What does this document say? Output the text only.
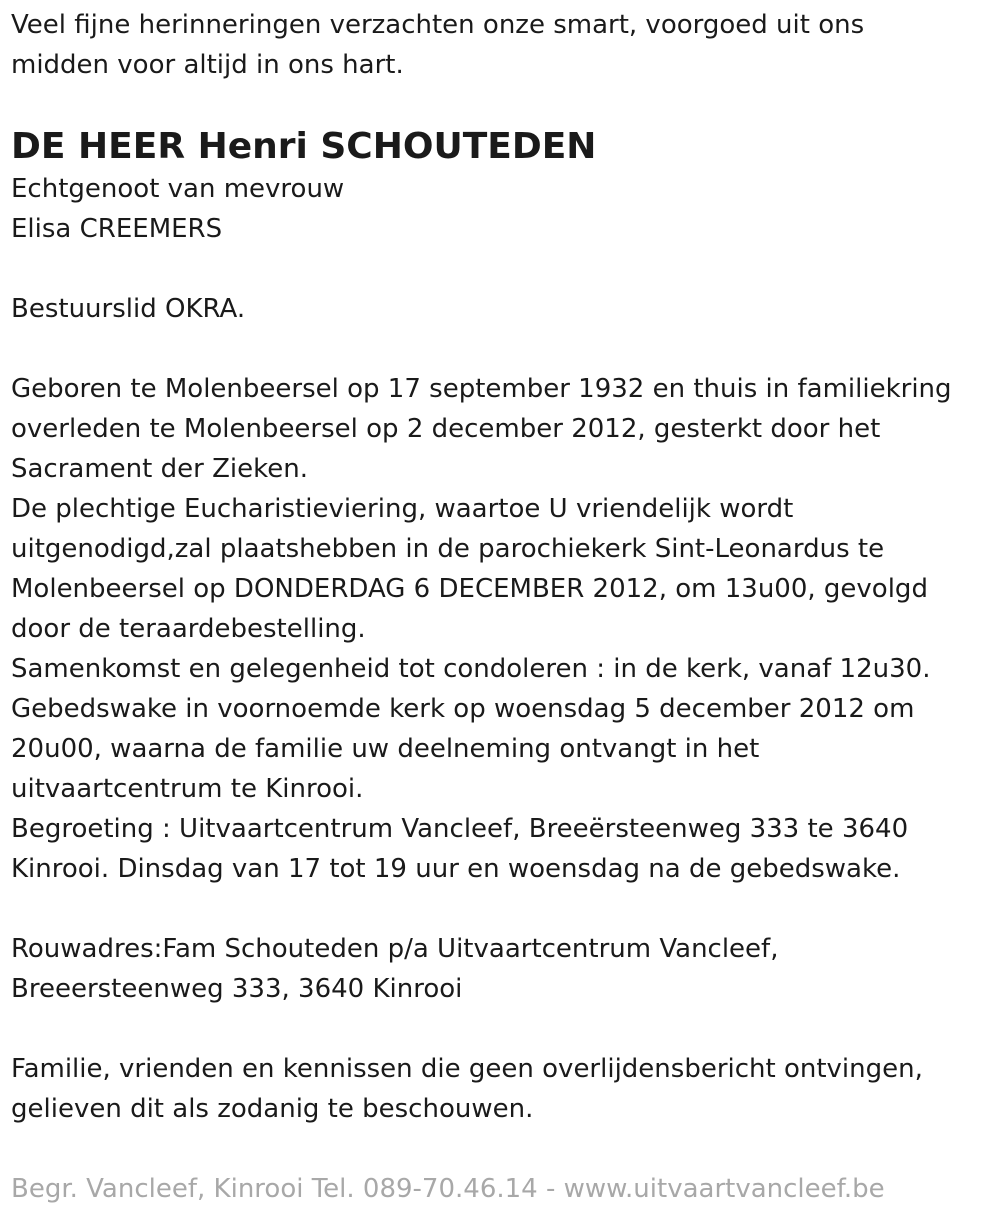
Veel fijne herinneringen verzachten onze smart, voorgoed uit ons
midden voor altijd in ons hart.
DE HEER Henri SCHOUTEDEN
Echtgenoot van mevrouw
Elisa CREEMERS
Bestuurslid OKRA.
Geboren te Molenbeersel op 17 september 1932 en thuis in familiekring
overleden te Molenbeersel op 2 december 2012, gesterkt door het
Sacrament der Zieken.
De plechtige Eucharistieviering, waartoe U vriendelijk wordt
uitgenodigd,zal plaatshebben in de parochiekerk Sint-Leonardus te
Molenbeersel op DONDERDAG 6 DECEMBER 2012, om 13u00, gevolgd
door de teraardebestelling.
Samenkomst en gelegenheid tot condoleren : in de kerk, vanaf 12u30.
Gebedswake in voornoemde kerk op woensdag 5 december 2012 om
20u00, waarna de familie uw deelneming ontvangt in het
uitvaartcentrum te Kinrooi.
Begroeting : Uitvaartcentrum Vancleef, Breeërsteenweg 333 te 3640
Kinrooi. Dinsdag van 17 tot 19 uur en woensdag na de gebedswake.
Rouwadres:Fam Schouteden p/a Uitvaartcentrum Vancleef,
Breeersteenweg 333, 3640 Kinrooi
Familie, vrienden en kennissen die geen overlijdensbericht ontvingen,
gelieven dit als zodanig te beschouwen.
Begr. Vancleef, Kinrooi Tel. 089-70.46.14 - www.uitvaartvancleef.be
